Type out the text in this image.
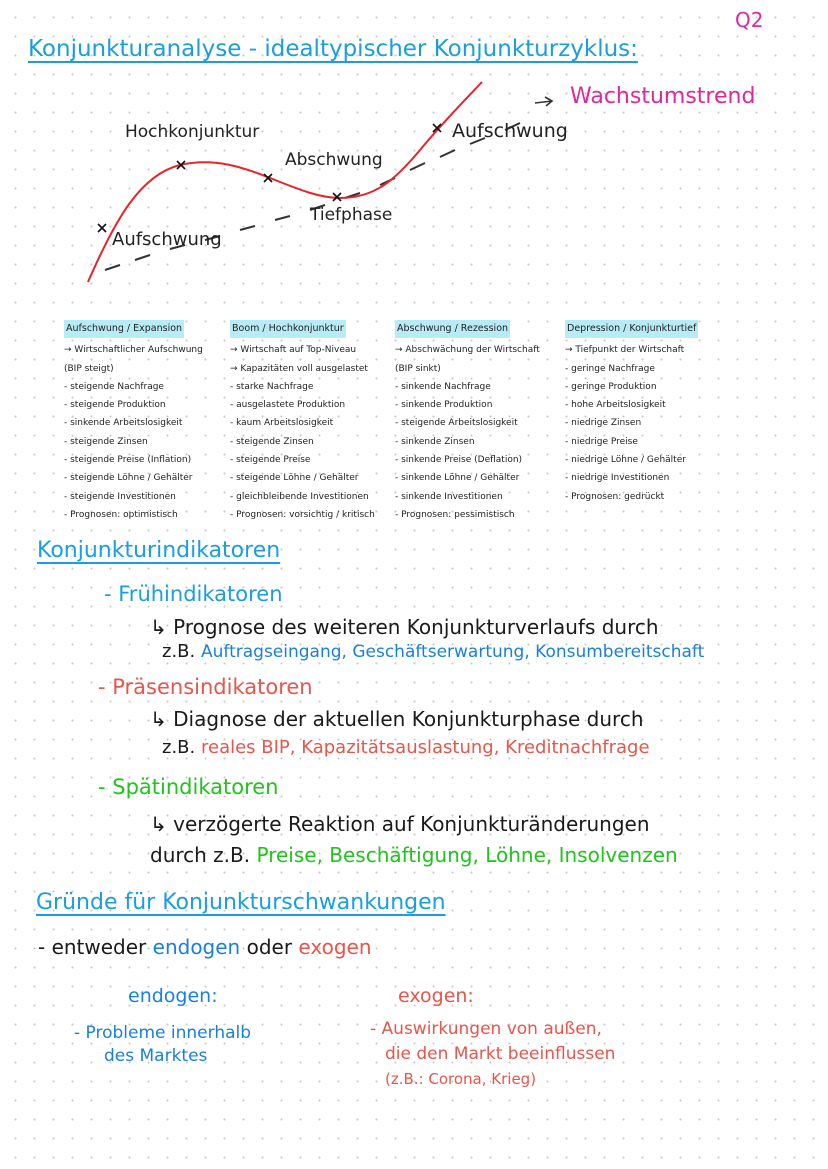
Q2
Konjunkturanalyse - idealtypischer Konjunkturzyklus:
Wachstumstrend
Hochkonjunktur
Abschwung
Aufschwung
Tiefphase
Aufschwung
Aufschwung / Expansion
→ Wirtschaftlicher Aufschwung
(BIP steigt)
- steigende Nachfrage
- steigende Produktion
- sinkende Arbeitslosigkeit
- steigende Zinsen
- steigende Preise (Inflation)
- steigende Löhne / Gehälter
- steigende Investitionen
- Prognosen: optimistisch
Boom / Hochkonjunktur
→ Wirtschaft auf Top-Niveau
→ Kapazitäten voll ausgelastet
- starke Nachfrage
- ausgelastete Produktion
- kaum Arbeitslosigkeit
- steigende Zinsen
- steigende Preise
- steigende Löhne / Gehälter
- gleichbleibende Investitionen
- Prognosen: vorsichtig / kritisch
Abschwung / Rezession
→ Abschwächung der Wirtschaft
(BIP sinkt)
- sinkende Nachfrage
- sinkende Produktion
- steigende Arbeitslosigkeit
- sinkende Zinsen
- sinkende Preise (Deflation)
- sinkende Löhne / Gehälter
- sinkende Investitionen
- Prognosen: pessimistisch
Depression / Konjunkturtief
→ Tiefpunkt der Wirtschaft
- geringe Nachfrage
- geringe Produktion
- hohe Arbeitslosigkeit
- niedrige Zinsen
- niedrige Preise
- niedrige Löhne / Gehälter
- niedrige Investitionen
- Prognosen: gedrückt
Konjunkturindikatoren
- Frühindikatoren
↳ Prognose des weiteren Konjunkturverlaufs durch
z.B. Auftragseingang, Geschäftserwartung, Konsumbereitschaft
- Präsensindikatoren
↳ Diagnose der aktuellen Konjunkturphase durch
z.B. reales BIP, Kapazitätsauslastung, Kreditnachfrage
- Spätindikatoren
↳ verzögerte Reaktion auf Konjunkturänderungen
durch z.B. Preise, Beschäftigung, Löhne, Insolvenzen
Gründe für Konjunkturschwankungen
- entweder endogen oder exogen
endogen:
- Probleme innerhalb
des Marktes
exogen:
- Auswirkungen von außen,
die den Markt beeinflussen
(z.B.: Corona, Krieg)
